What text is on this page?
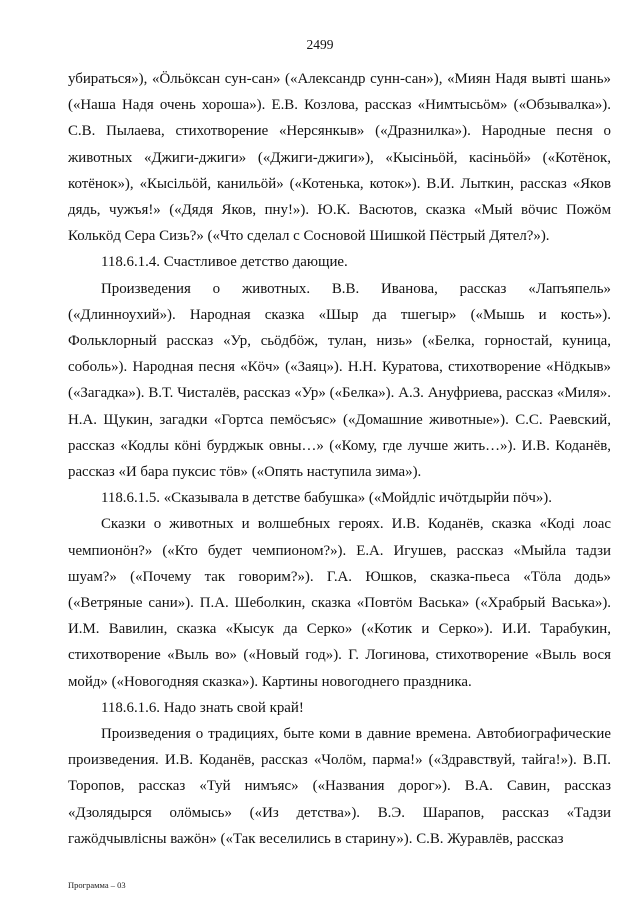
2499

убираться»), «Ӧльӧксан сун-сан» («Александр сунн-сан»), «Миян Надя вывті шань» («Наша Надя очень хороша»). Е.В. Козлова, рассказ «Нимтысьӧм» («Обзывалка»). С.В. Пылаева, стихотворение «Нерсянкыв» («Дразнилка»). Народные песня о животных «Джиги-джиги» («Джиги-джиги»), «Кысіньӧй, касіньӧй» («Котёнок, котёнок»), «Кысільӧй, канильӧй» («Котенька, коток»). В.И. Лыткин, рассказ «Яков дядь, чужъя!» («Дядя Яков, пну!»). Ю.К. Васютов, сказка «Мый вӧчис Пожӧм Колькӧд Сера Сизь?» («Что сделал с Сосновой Шишкой Пёстрый Дятел?»).

118.6.1.4. Счастливое детство дающие.

Произведения о животных. В.В. Иванова, рассказ «Лапъяпель» («Длинноухий»). Народная сказка «Шыр да тшегыр» («Мышь и кость»). Фольклорный рассказ «Ур, сьӧдбӧж, тулан, низь» («Белка, горностай, куница, соболь»). Народная песня «Кӧч» («Заяц»). Н.Н. Куратова, стихотворение «Нӧдкыв» («Загадка»). В.Т. Чисталёв, рассказ «Ур» («Белка»). А.З. Ануфриева, рассказ «Миля». Н.А. Щукин, загадки «Гортса пемӧсъяс» («Домашние животные»). С.С. Раевский, рассказ «Кодлы кӧні бурджык овны…» («Кому, где лучше жить…»). И.В. Коданёв, рассказ «И бара пуксис тӧв» («Опять наступила зима»).

118.6.1.5. «Сказывала в детстве бабушка» («Мойдліс ичӧтдырйи пӧч»).

Сказки о животных и волшебных героях. И.В. Коданёв, сказка «Коді лоас чемпионӧн?» («Кто будет чемпионом?»). Е.А. Игушев, рассказ «Мыйла тадзи шуам?» («Почему так говорим?»). Г.А. Юшков, сказка-пьеса «Тӧла додь» («Ветряные сани»). П.А. Шеболкин, сказка «Повтӧм Васька» («Храбрый Васька»). И.М. Вавилин, сказка «Кысук да Серко» («Котик и Серко»). И.И. Тарабукин, стихотворение «Выль во» («Новый год»). Г. Логинова, стихотворение «Выль вося мойд» («Новогодняя сказка»). Картины новогоднего праздника.

118.6.1.6. Надо знать свой край!

Произведения о традициях, быте коми в давние времена. Автобиографические произведения. И.В. Коданёв, рассказ «Чолӧм, парма!» («Здравствуй, тайга!»). В.П. Торопов, рассказ «Туй нимъяс» («Названия дорог»). В.А. Савин, рассказ «Дзолядырся олӧмысь» («Из детства»). В.Э. Шарапов, рассказ «Тадзи гажӧдчывлісны важӧн» («Так веселились в старину»). С.В. Журавлёв, рассказ

Программа – 03
